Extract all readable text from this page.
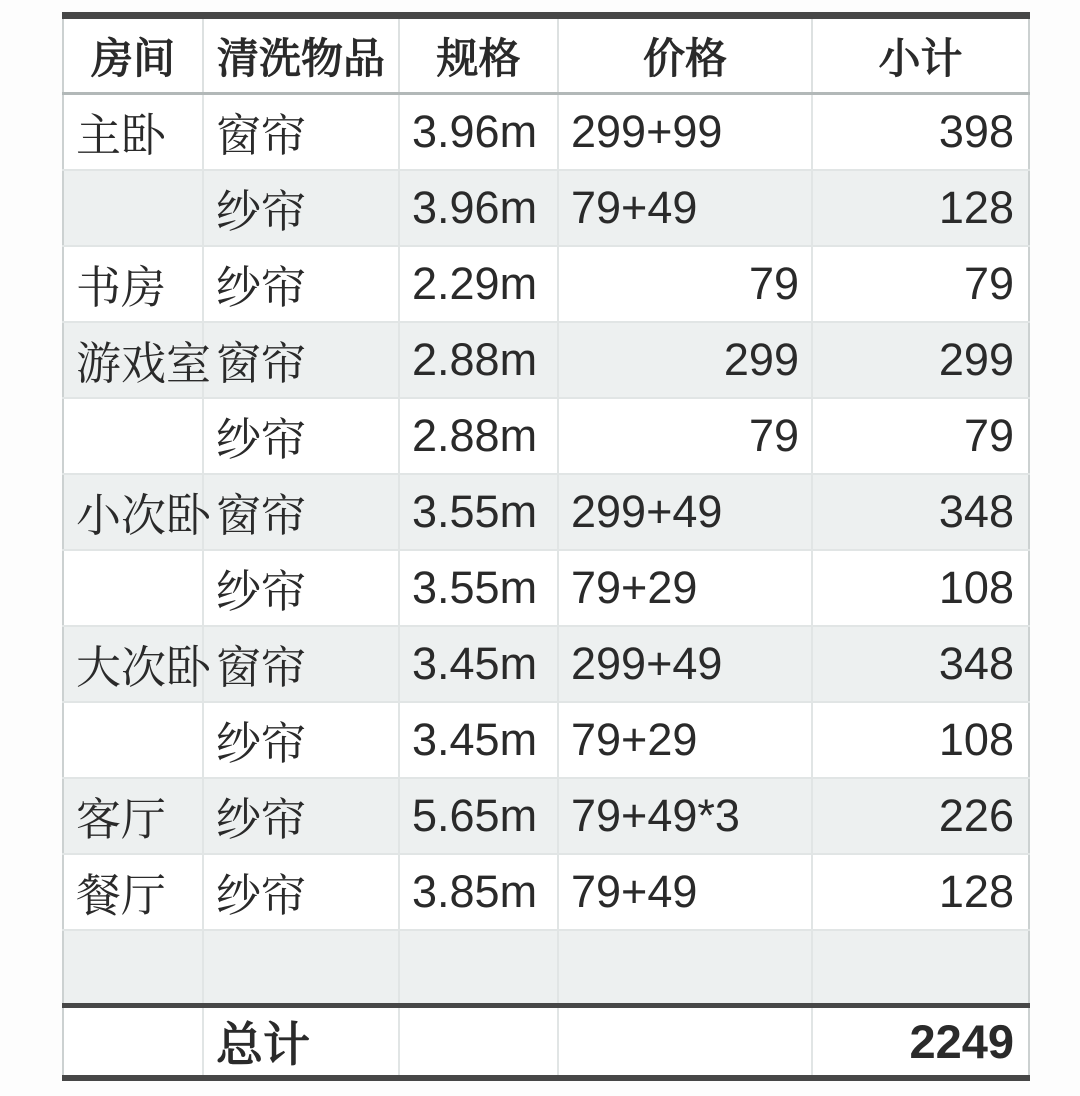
房间	清洗物品	规格	价格	小计
主卧	窗帘	3.96m	299+99	398
	纱帘	3.96m	79+49	128
书房	纱帘	2.29m	79	79
游戏室	窗帘	2.88m	299	299
	纱帘	2.88m	79	79
小次卧	窗帘	3.55m	299+49	348
	纱帘	3.55m	79+29	108
大次卧	窗帘	3.45m	299+49	348
	纱帘	3.45m	79+29	108
客厅	纱帘	5.65m	79+49*3	226
餐厅	纱帘	3.85m	79+49	128

	总计			2249
